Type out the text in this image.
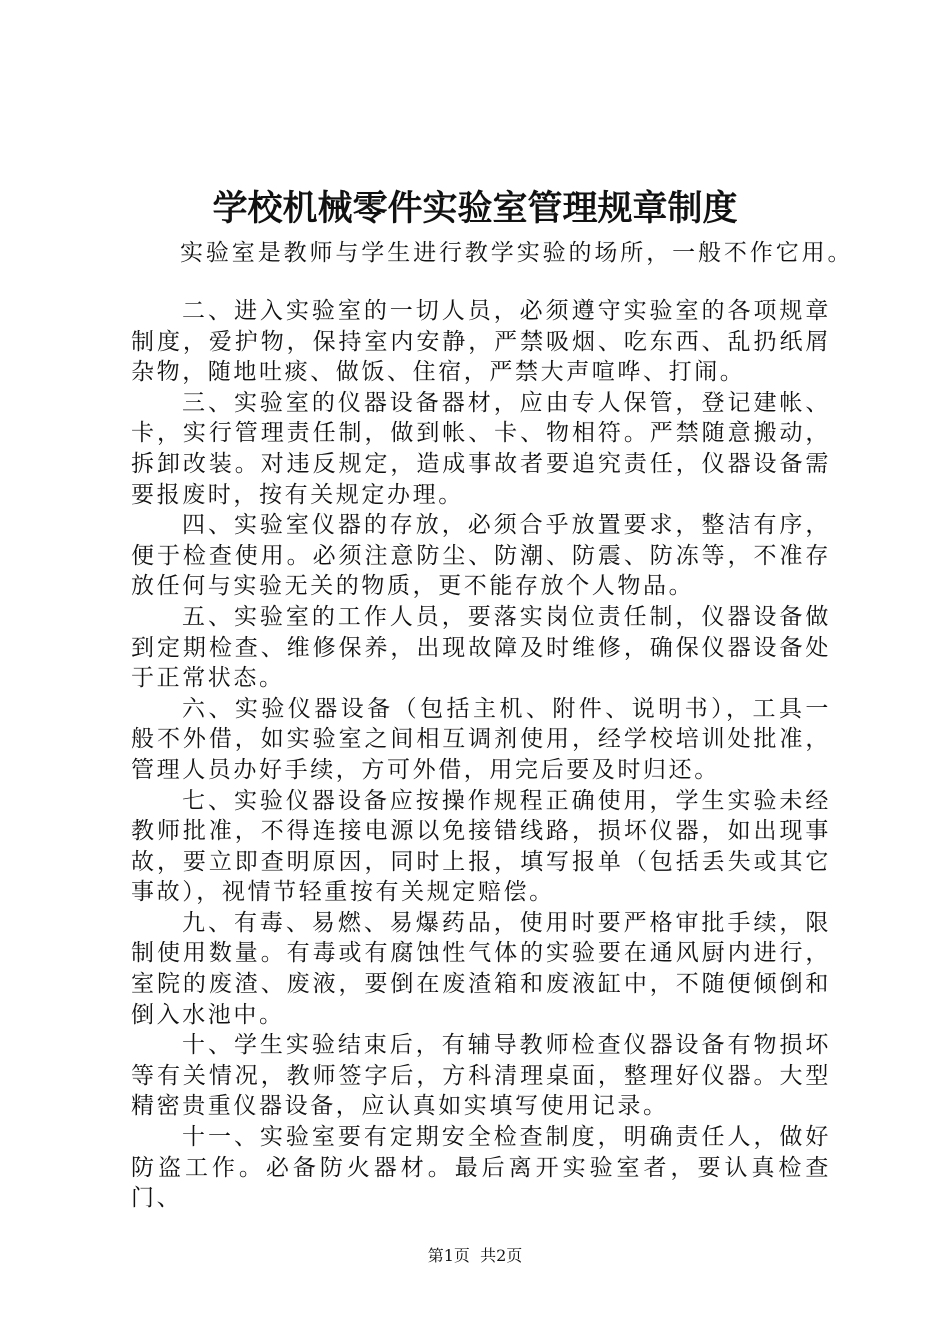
学校机械零件实验室管理规章制度
实验室是教师与学生进行教学实验的场所，一般不作它用。

二、进入实验室的一切人员，必须遵守实验室的各项规章制度，爱护物，保持室内安静，严禁吸烟、吃东西、乱扔纸屑杂物，随地吐痰、做饭、住宿，严禁大声喧哗、打闹。

三、实验室的仪器设备器材，应由专人保管，登记建帐、卡，实行管理责任制，做到帐、卡、物相符。严禁随意搬动，拆卸改装。对违反规定，造成事故者要追究责任，仪器设备需要报废时，按有关规定办理。

四、实验室仪器的存放，必须合乎放置要求，整洁有序，便于检查使用。必须注意防尘、防潮、防震、防冻等，不准存放任何与实验无关的物质，更不能存放个人物品。

五、实验室的工作人员，要落实岗位责任制，仪器设备做到定期检查、维修保养，出现故障及时维修，确保仪器设备处于正常状态。

六、实验仪器设备（包括主机、附件、说明书），工具一般不外借，如实验室之间相互调剂使用，经学校培训处批准，管理人员办好手续，方可外借，用完后要及时归还。

七、实验仪器设备应按操作规程正确使用，学生实验未经教师批准，不得连接电源以免接错线路，损坏仪器，如出现事故，要立即查明原因，同时上报，填写报单（包括丢失或其它事故），视情节轻重按有关规定赔偿。

九、有毒、易燃、易爆药品，使用时要严格审批手续，限制使用数量。有毒或有腐蚀性气体的实验要在通风厨内进行，室院的废渣、废液，要倒在废渣箱和废液缸中，不随便倾倒和倒入水池中。

十、学生实验结束后，有辅导教师检查仪器设备有物损坏等有关情况，教师签字后，方科清理桌面，整理好仪器。大型精密贵重仪器设备，应认真如实填写使用记录。

十一、实验室要有定期安全检查制度，明确责任人，做好防盗工作。必备防火器材。最后离开实验室者，要认真检查门、

第1页 共2页
